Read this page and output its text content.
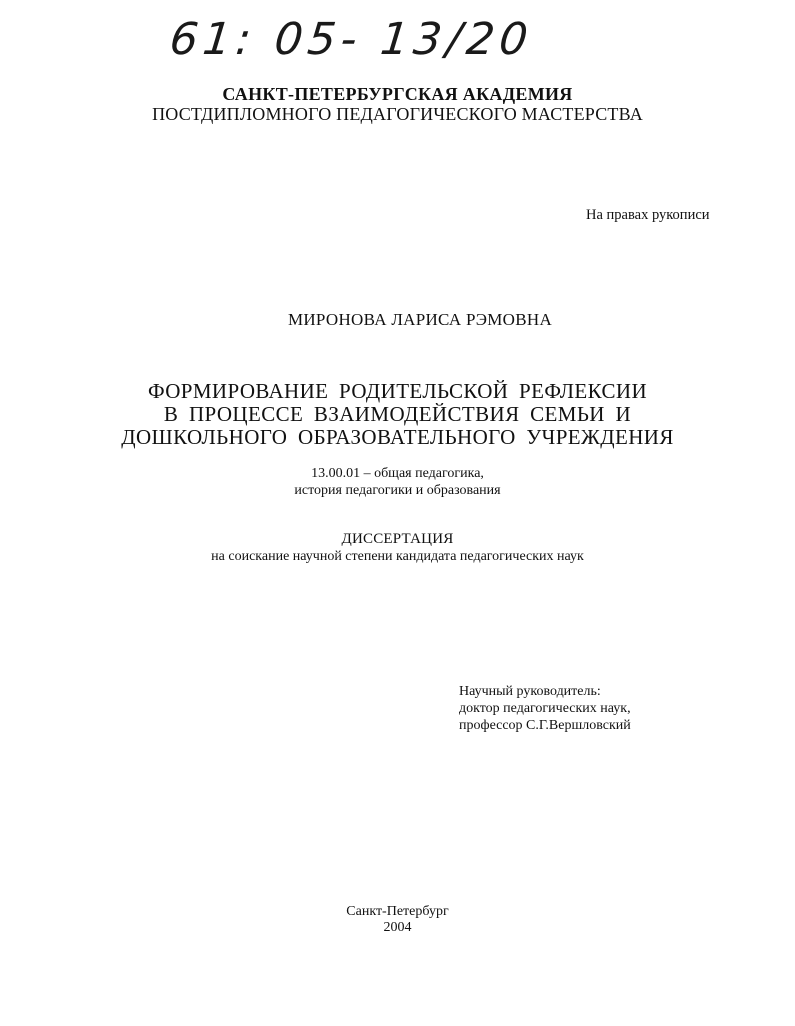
61: 05- 13/20
САНКТ-ПЕТЕРБУРГСКАЯ АКАДЕМИЯ
ПОСТДИПЛОМНОГО ПЕДАГОГИЧЕСКОГО МАСТЕРСТВА
На правах рукописи
МИРОНОВА ЛАРИСА РЭМОВНА
ФОРМИРОВАНИЕ РОДИТЕЛЬСКОЙ РЕФЛЕКСИИ
В ПРОЦЕССЕ ВЗАИМОДЕЙСТВИЯ СЕМЬИ И
ДОШКОЛЬНОГО ОБРАЗОВАТЕЛЬНОГО УЧРЕЖДЕНИЯ
13.00.01 – общая педагогика,
история педагогики и образования
ДИССЕРТАЦИЯ
на соискание научной степени кандидата педагогических наук
Научный руководитель:
доктор педагогических наук,
профессор С.Г.Вершловский
Санкт-Петербург
2004
